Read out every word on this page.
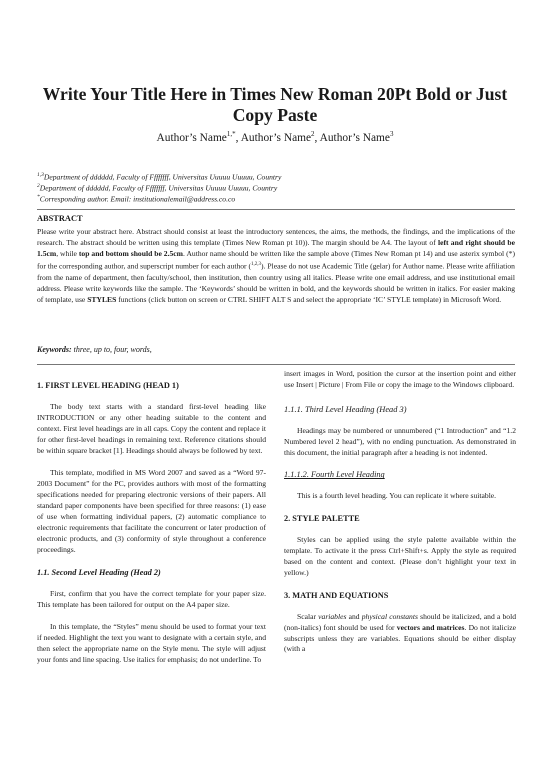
Write Your Title Here in Times New Roman 20Pt Bold or Just Copy Paste
Author’s Name$^{1,*}$, Author’s Name$^2$, Author’s Name$^3$
$^{1,3}$Department of dddddd, Faculty of Ffffffff, Universitas Uuuuu Uuuuu, Country
$^2$Department of dddddd, Faculty of Ffffffff, Universitas Uuuuu Uuuuu, Country
*Corresponding author. Email: institutionalemail@address.co.co
ABSTRACT
Please write your abstract here. Abstract should consist at least the introductory sentences, the aims, the methods, the findings, and the implications of the research. The abstract should be written using this template (Times New Roman pt 10)). The margin should be A4. The layout of left and right should be 1.5cm, while top and bottom should be 2.5cm. Author name should be written like the sample above (Times New Roman pt 14) and use asterix symbol (*) for the corresponding author, and superscript number for each author ($^{1,2,3}$). Please do not use Academic Title (gelar) for Author name. Please write affiliation from the name of department, then faculty/school, then institution, then country using all italics. Please write one email address, and use institutional email address. Please write keywords like the sample. The ‘Keywords’ should be written in bold, and the keywords should be written in italics. For easier making of template, use STYLES functions (click button on screen or CTRL SHIFT ALT S and select the appropriate ‘IC’ STYLE template) in Microsoft Word.
Keywords: three, up to, four, words,
1. FIRST LEVEL HEADING (HEAD 1)

The body text starts with a standard first-level heading like INTRODUCTION or any other heading suitable to the content and context. First level headings are in all caps. Copy the content and replace it for other first-level headings in remaining text. Reference citations should be within square bracket [1]. Headings should always be followed by text.

This template, modified in MS Word 2007 and saved as a “Word 97-2003 Document” for the PC, provides authors with most of the formatting specifications needed for preparing electronic versions of their papers. All standard paper components have been specified for three reasons: (1) ease of use when formatting individual papers, (2) automatic compliance to electronic requirements that facilitate the concurrent or later production of electronic products, and (3) conformity of style throughout a conference proceedings.

1.1. Second Level Heading (Head 2)

First, confirm that you have the correct template for your paper size. This template has been tailored for output on the A4 paper size.

In this template, the “Styles” menu should be used to format your text if needed. Highlight the text you want to designate with a certain style, and then select the appropriate name on the Style menu. The style will adjust your fonts and line spacing. Use italics for emphasis; do not underline. To

insert images in Word, position the cursor at the insertion point and either use Insert | Picture | From File or copy the image to the Windows clipboard.

1.1.1. Third Level Heading (Head 3)

Headings may be numbered or unnumbered (“1 Introduction” and “1.2 Numbered level 2 head”), with no ending punctuation. As demonstrated in this document, the initial paragraph after a heading is not indented.

1.1.1.2. Fourth Level Heading

This is a fourth level heading. You can replicate it where suitable.

2. STYLE PALETTE

Styles can be applied using the style palette available within the template. To activate it the press Ctrl+Shift+s. Apply the style as required based on the content and context. (Please don’t highlight your text in yellow.)

3. MATH AND EQUATIONS

Scalar variables and physical constants should be italicized, and a bold (non-italics) font should be used for vectors and matrices. Do not italicize subscripts unless they are variables. Equations should be either display (with a
